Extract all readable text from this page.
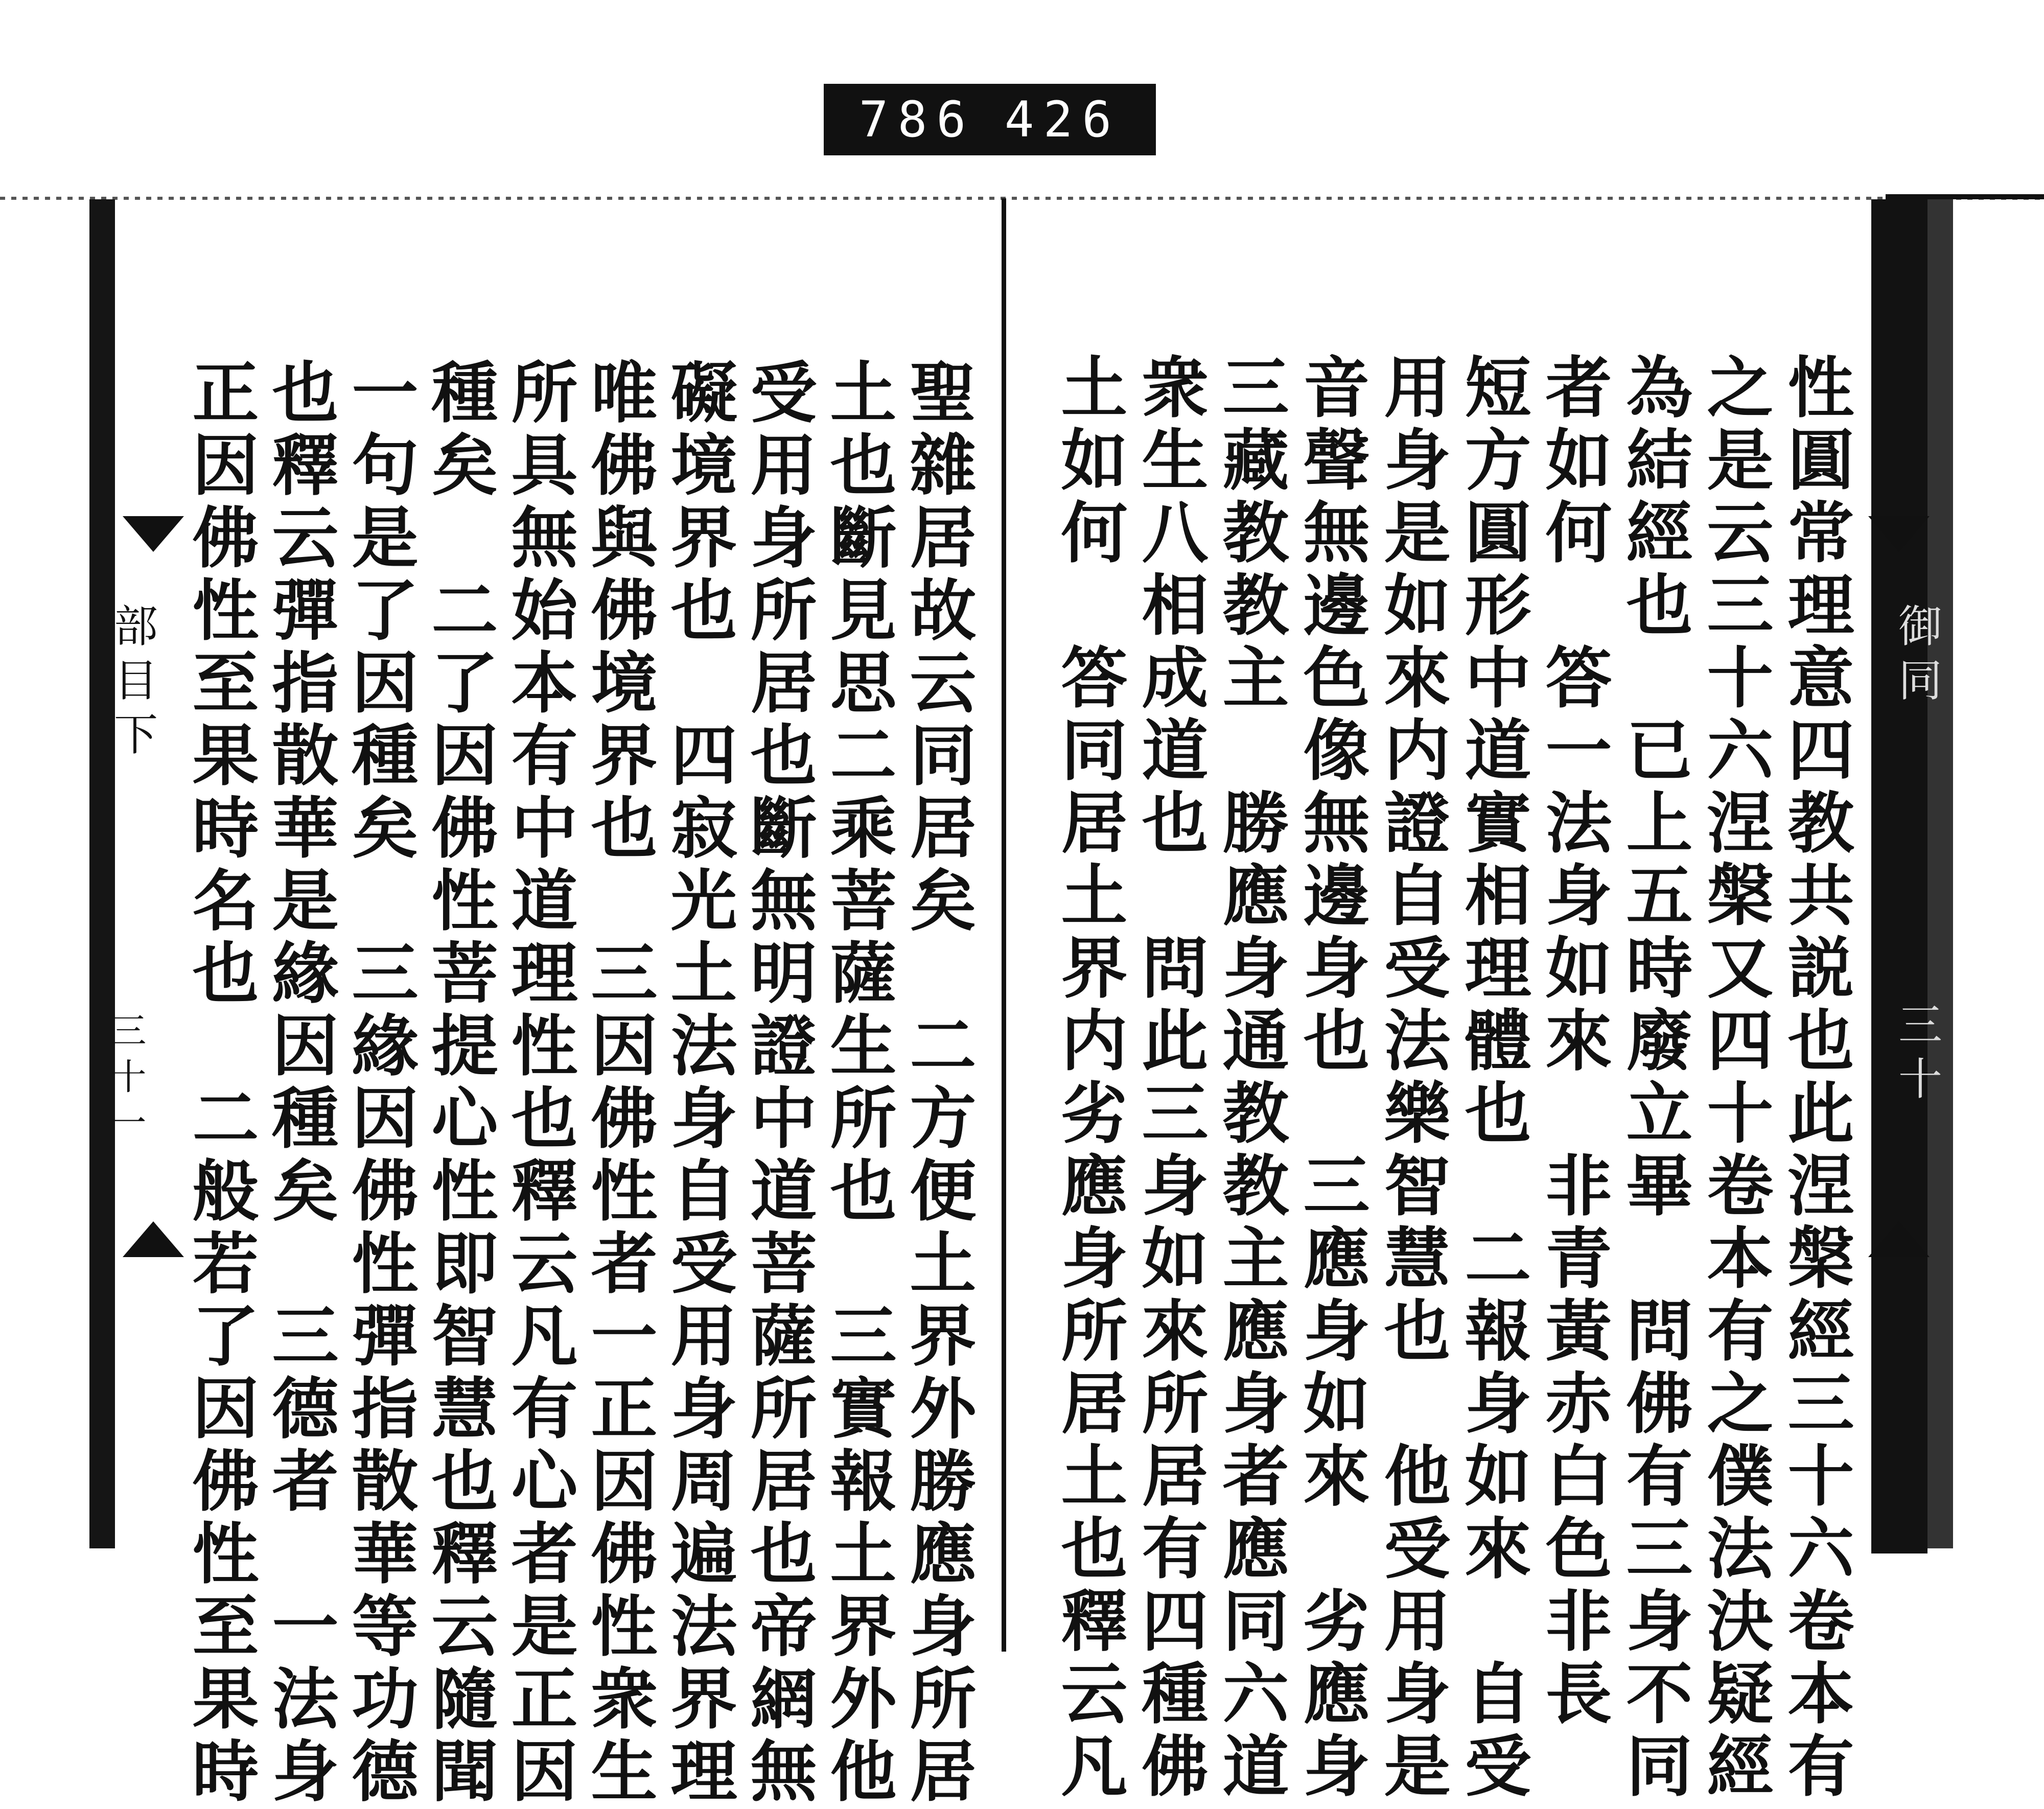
786 426
部目下
三十一
御同
三十
性圓常理意四教共説也此涅槃經三十六卷本有
之是云三十六涅槃又四十卷本有之僕法決疑經
為結經也　已上五時廢立畢　問佛有三身不同
者如何　答一法身如來　非青黃赤白色非長
短方圓形中道實相理體也　二報身如來　自受
用身是如來内證自受法樂智慧也　他受用身是
音聲無邊色像無邊身也　三應身如來　劣應身
三藏教教主　勝應身通教教主應身者應同六道
衆生八相成道也　問此三身如來所居有四種佛
土如何　答同居土界内劣應身所居土也釋云凡
聖雜居故云同居矣　二方便土界外勝應身所居
土也斷見思二乘菩薩生所也　三實報土界外他
受用身所居也斷無明證中道菩薩所居也帝網無
礙境界也　四寂光土法身自受用身周遍法界理
唯佛與佛境界也　三因佛性者一正因佛性衆生
所具無始本有中道理性也釋云凡有心者是正因
種矣　二了因佛性菩提心性即智慧也釋云隨聞
一句是了因種矣　三緣因佛性彈指散華等功德
也釋云彈指散華是緣因種矣　三德者　一法身
正因佛性至果時名也　二般若了因佛性至果時
